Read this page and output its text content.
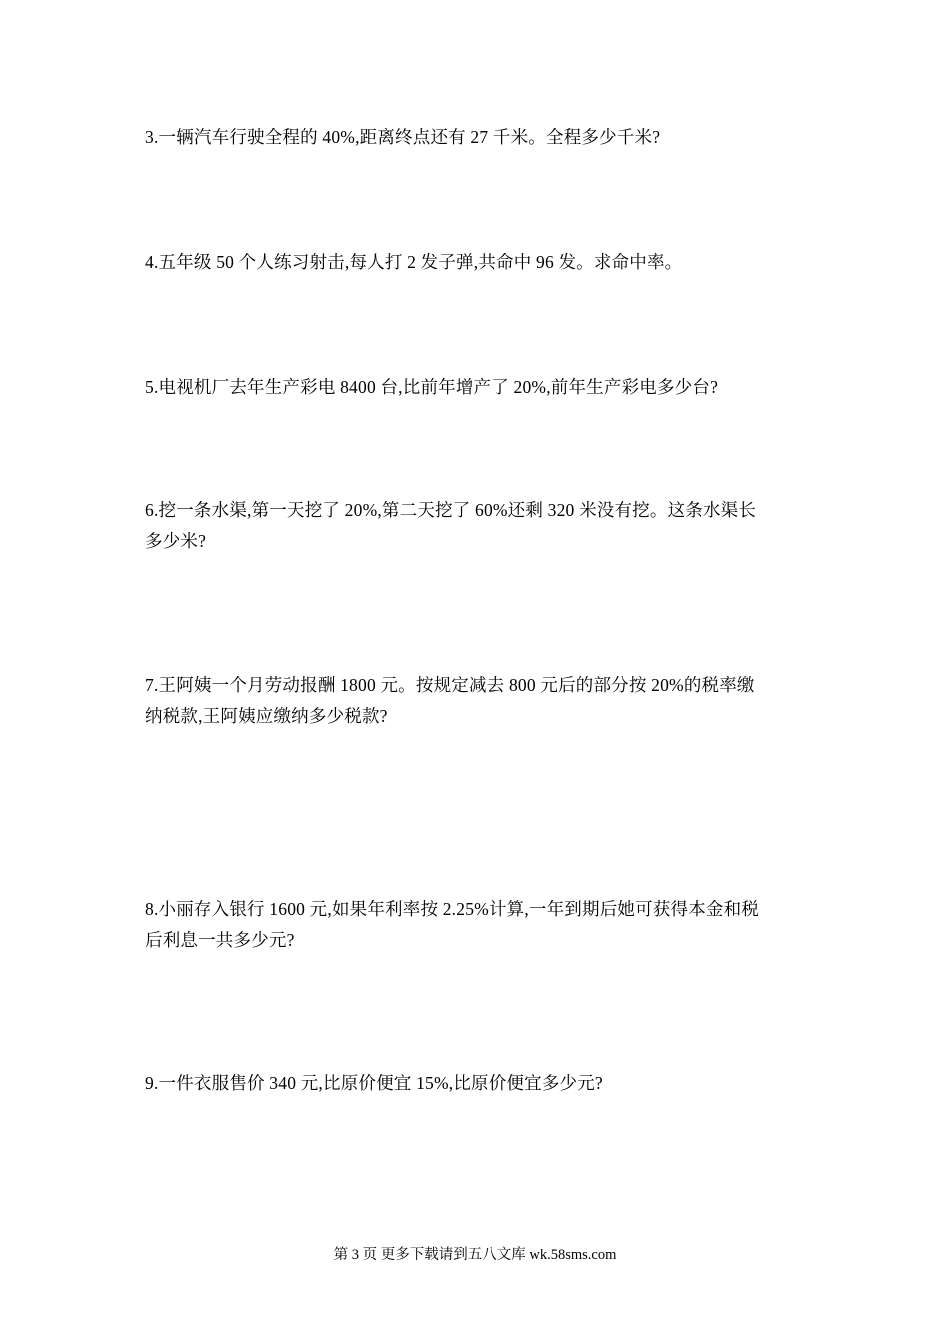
3.一辆汽车行驶全程的 40%,距离终点还有 27 千米。全程多少千米?
4.五年级 50 个人练习射击,每人打 2 发子弹,共命中 96 发。求命中率。
5.电视机厂去年生产彩电 8400 台,比前年增产了 20%,前年生产彩电多少台?
6.挖一条水渠,第一天挖了 20%,第二天挖了 60%还剩 320 米没有挖。这条水渠长
多少米?
7.王阿姨一个月劳动报酬 1800 元。按规定减去 800 元后的部分按 20%的税率缴
纳税款,王阿姨应缴纳多少税款?
8.小丽存入银行 1600 元,如果年利率按 2.25%计算,一年到期后她可获得本金和税
后利息一共多少元?
9.一件衣服售价 340 元,比原价便宜 15%,比原价便宜多少元?
第 3 页 更多下载请到五八文库 wk.58sms.com
